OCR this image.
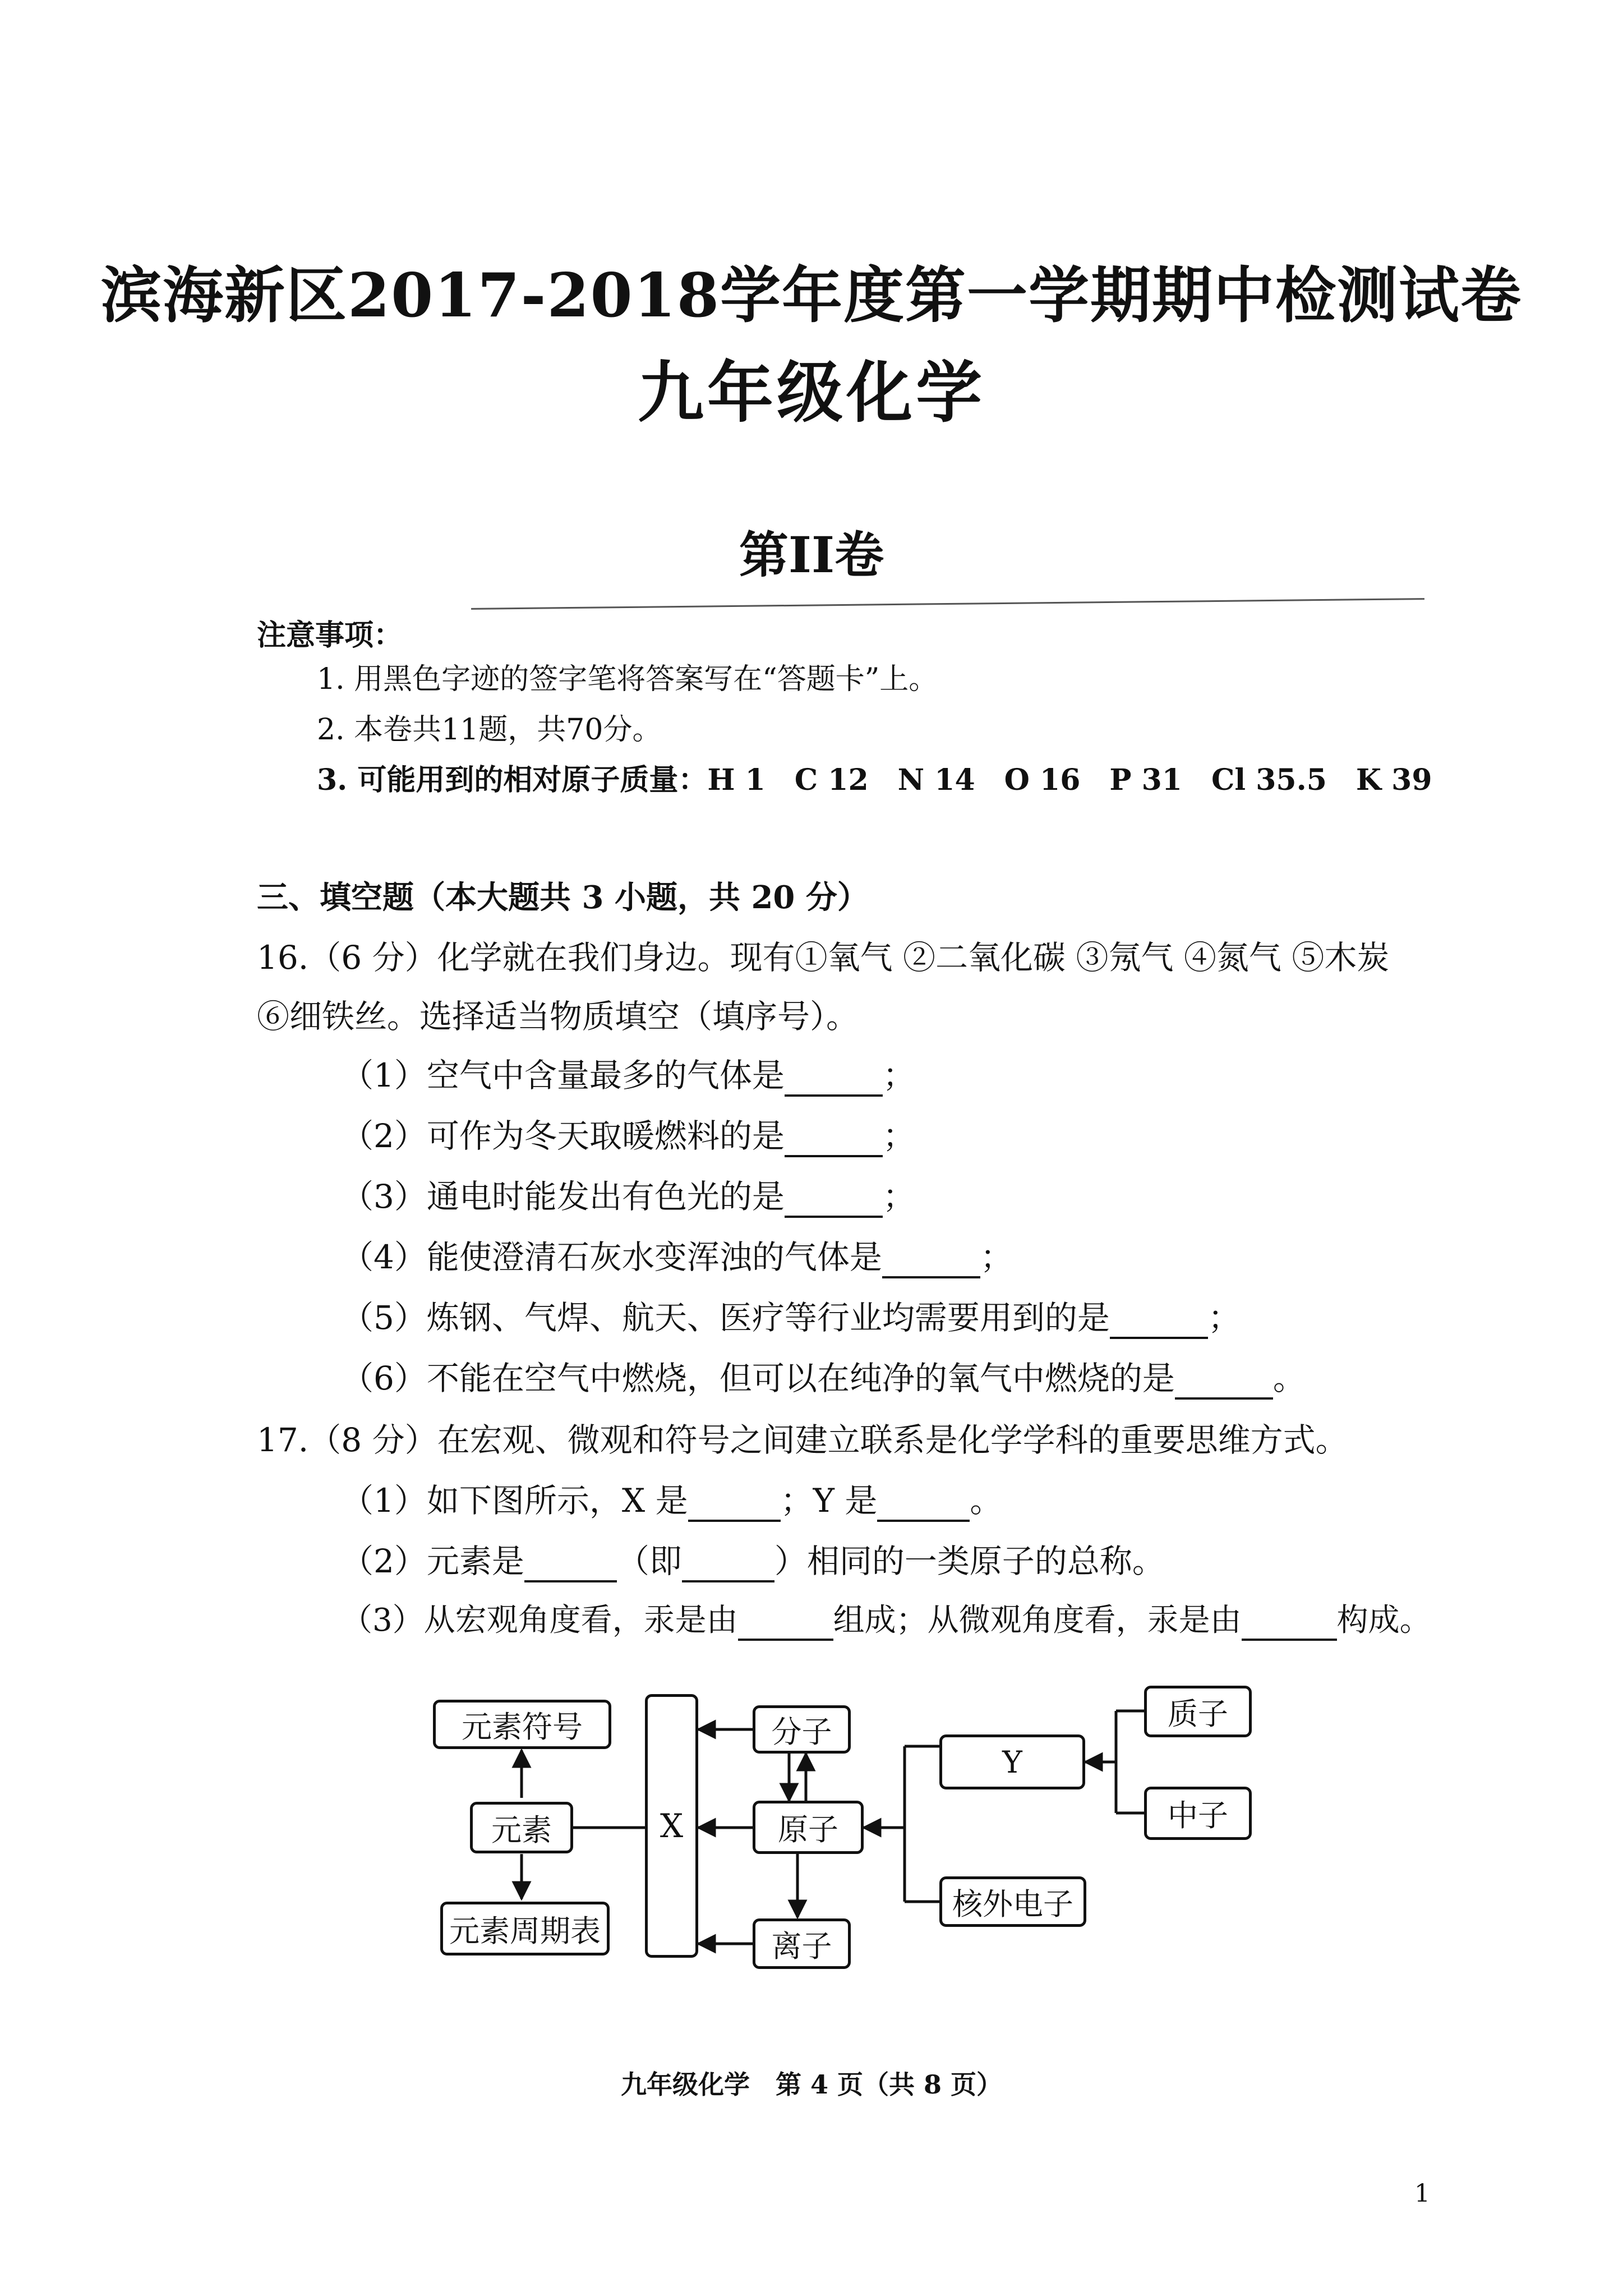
滨海新区2017-2018学年度第一学期期中检测试卷
九年级化学
第II卷
注意事项：
1. 用黑色字迹的签字笔将答案写在“答题卡”上。
2. 本卷共11题，共70分。
3. 可能用到的相对原子质量：H 1　C 12　N 14　O 16　P 31　Cl 35.5　K 39
三、填空题（本大题共 3 小题，共 20 分）
16.（6 分）化学就在我们身边。现有①氧气 ②二氧化碳 ③氖气 ④氮气 ⑤木炭
⑥细铁丝。选择适当物质填空（填序号）。
（1）空气中含量最多的气体是	；
（2）可作为冬天取暖燃料的是	；
（3）通电时能发出有色光的是	；
（4）能使澄清石灰水变浑浊的气体是	；
（5）炼钢、气焊、航天、医疗等行业均需要用到的是	；
（6）不能在空气中燃烧，但可以在纯净的氧气中燃烧的是	。
17.（8 分）在宏观、微观和符号之间建立联系是化学学科的重要思维方式。
（1）如下图所示，X 是	；Y 是	。
（2）元素是	（即	）相同的一类原子的总称。
（3）从宏观角度看，汞是由	组成；从微观角度看，汞是由	构成。
元素符号
元素
元素周期表
X
分子
原子
离子
Y
质子
中子
核外电子
九年级化学　第 4 页（共 8 页）
1
